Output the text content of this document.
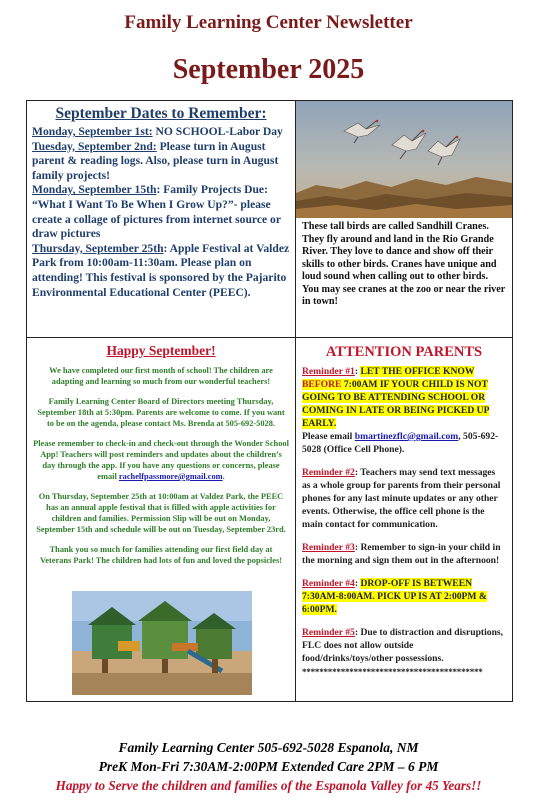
Family Learning Center Newsletter
September 2025
September Dates to Remember:
Monday, September 1st: NO SCHOOL-Labor Day
Tuesday, September 2nd: Please turn in August parent & reading logs. Also, please turn in August family projects!
Monday, September 15th: Family Projects Due: “What I Want To Be When I Grow Up?”- please create a collage of pictures from internet source or draw pictures
Thursday, September 25th: Apple Festival at Valdez Park from 10:00am-11:30am. Please plan on attending! This festival is sponsored by the Pajarito Environmental Educational Center (PEEC).
These tall birds are called Sandhill Cranes. They fly around and land in the Rio Grande River. They love to dance and show off their skills to other birds. Cranes have unique and loud sound when calling out to other birds. You may see cranes at the zoo or near the river in town!
Happy September!
We have completed our first month of school! The children are adapting and learning so much from our wonderful teachers!
Family Learning Center Board of Directors meeting Thursday, September 18th at 5:30pm. Parents are welcome to come. If you want to be on the agenda, please contact Ms. Brenda at 505-692-5028.
Please remember to check-in and check-out through the Wonder School App! Teachers will post reminders and updates about the children’s day through the app. If you have any questions or concerns, please email rachelfpassmore@gmail.com.
On Thursday, September 25th at 10:00am at Valdez Park, the PEEC has an annual apple festival that is filled with apple activities for children and families. Permission Slip will be out on Monday, September 15th and schedule will be out on Tuesday, September 23rd.
Thank you so much for families attending our first field day at Veterans Park! The children had lots of fun and loved the popsicles!
ATTENTION PARENTS
Reminder #1: LET THE OFFICE KNOW BEFORE 7:00AM IF YOUR CHILD IS NOT GOING TO BE ATTENDING SCHOOL OR COMING IN LATE OR BEING PICKED UP EARLY.
Please email bmartinezflc@gmail.com, 505-692-5028 (Office Cell Phone).
Reminder #2: Teachers may send text messages as a whole group for parents from their personal phones for any last minute updates or any other events. Otherwise, the office cell phone is the main contact for communication.
Reminder #3: Remember to sign-in your child in the morning and sign them out in the afternoon!
Reminder #4: DROP-OFF IS BETWEEN 7:30AM-8:00AM. PICK UP IS AT 2:00PM & 6:00PM.
Reminder #5: Due to distraction and disruptions, FLC does not allow outside food/drinks/toys/other possessions.
******************************************
Family Learning Center 505-692-5028 Espanola, NM
PreK Mon-Fri 7:30AM-2:00PM Extended Care 2PM – 6 PM
Happy to Serve the children and families of the Espanola Valley for 45 Years!!
